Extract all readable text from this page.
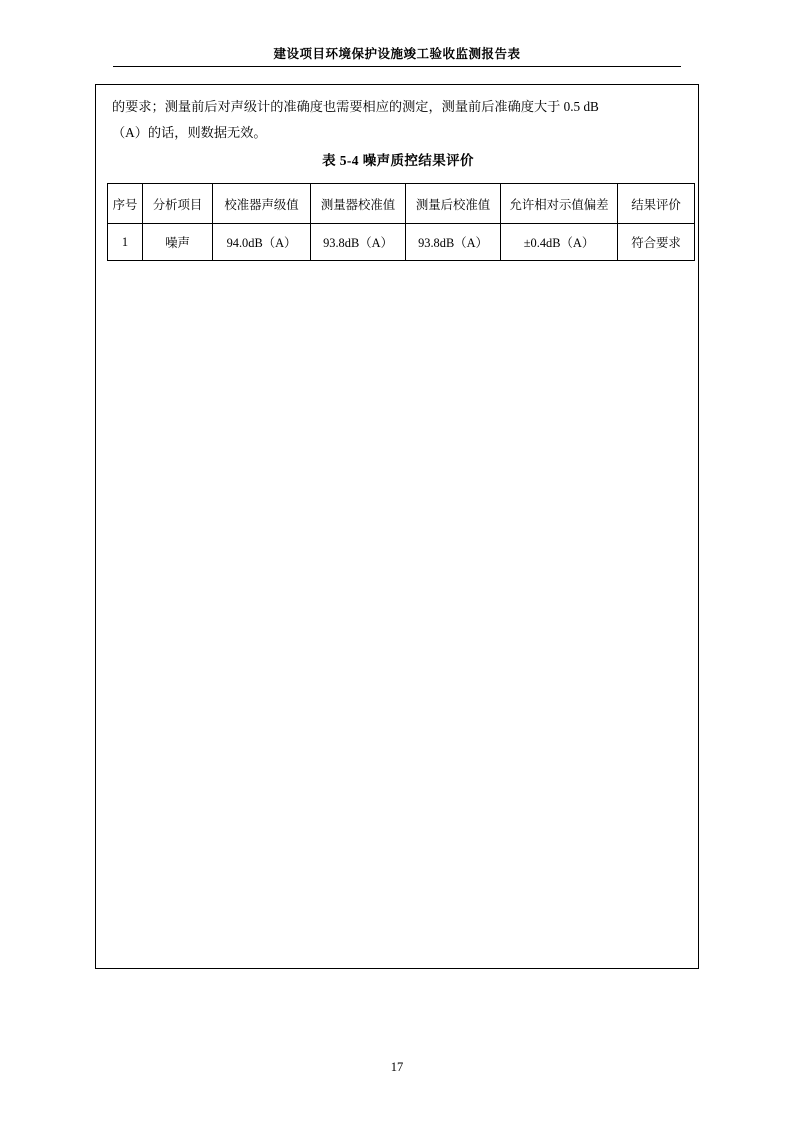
建设项目环境保护设施竣工验收监测报告表
的要求；测量前后对声级计的准确度也需要相应的测定，测量前后准确度大于 0.5 dB
（A）的话，则数据无效。
表 5-4 噪声质控结果评价
序号	分析项目	校准器声级值	测量器校准值	测量后校准值	允许相对示值偏差	结果评价
1	噪声	94.0dB（A）	93.8dB（A）	93.8dB（A）	±0.4dB（A）	符合要求
17
